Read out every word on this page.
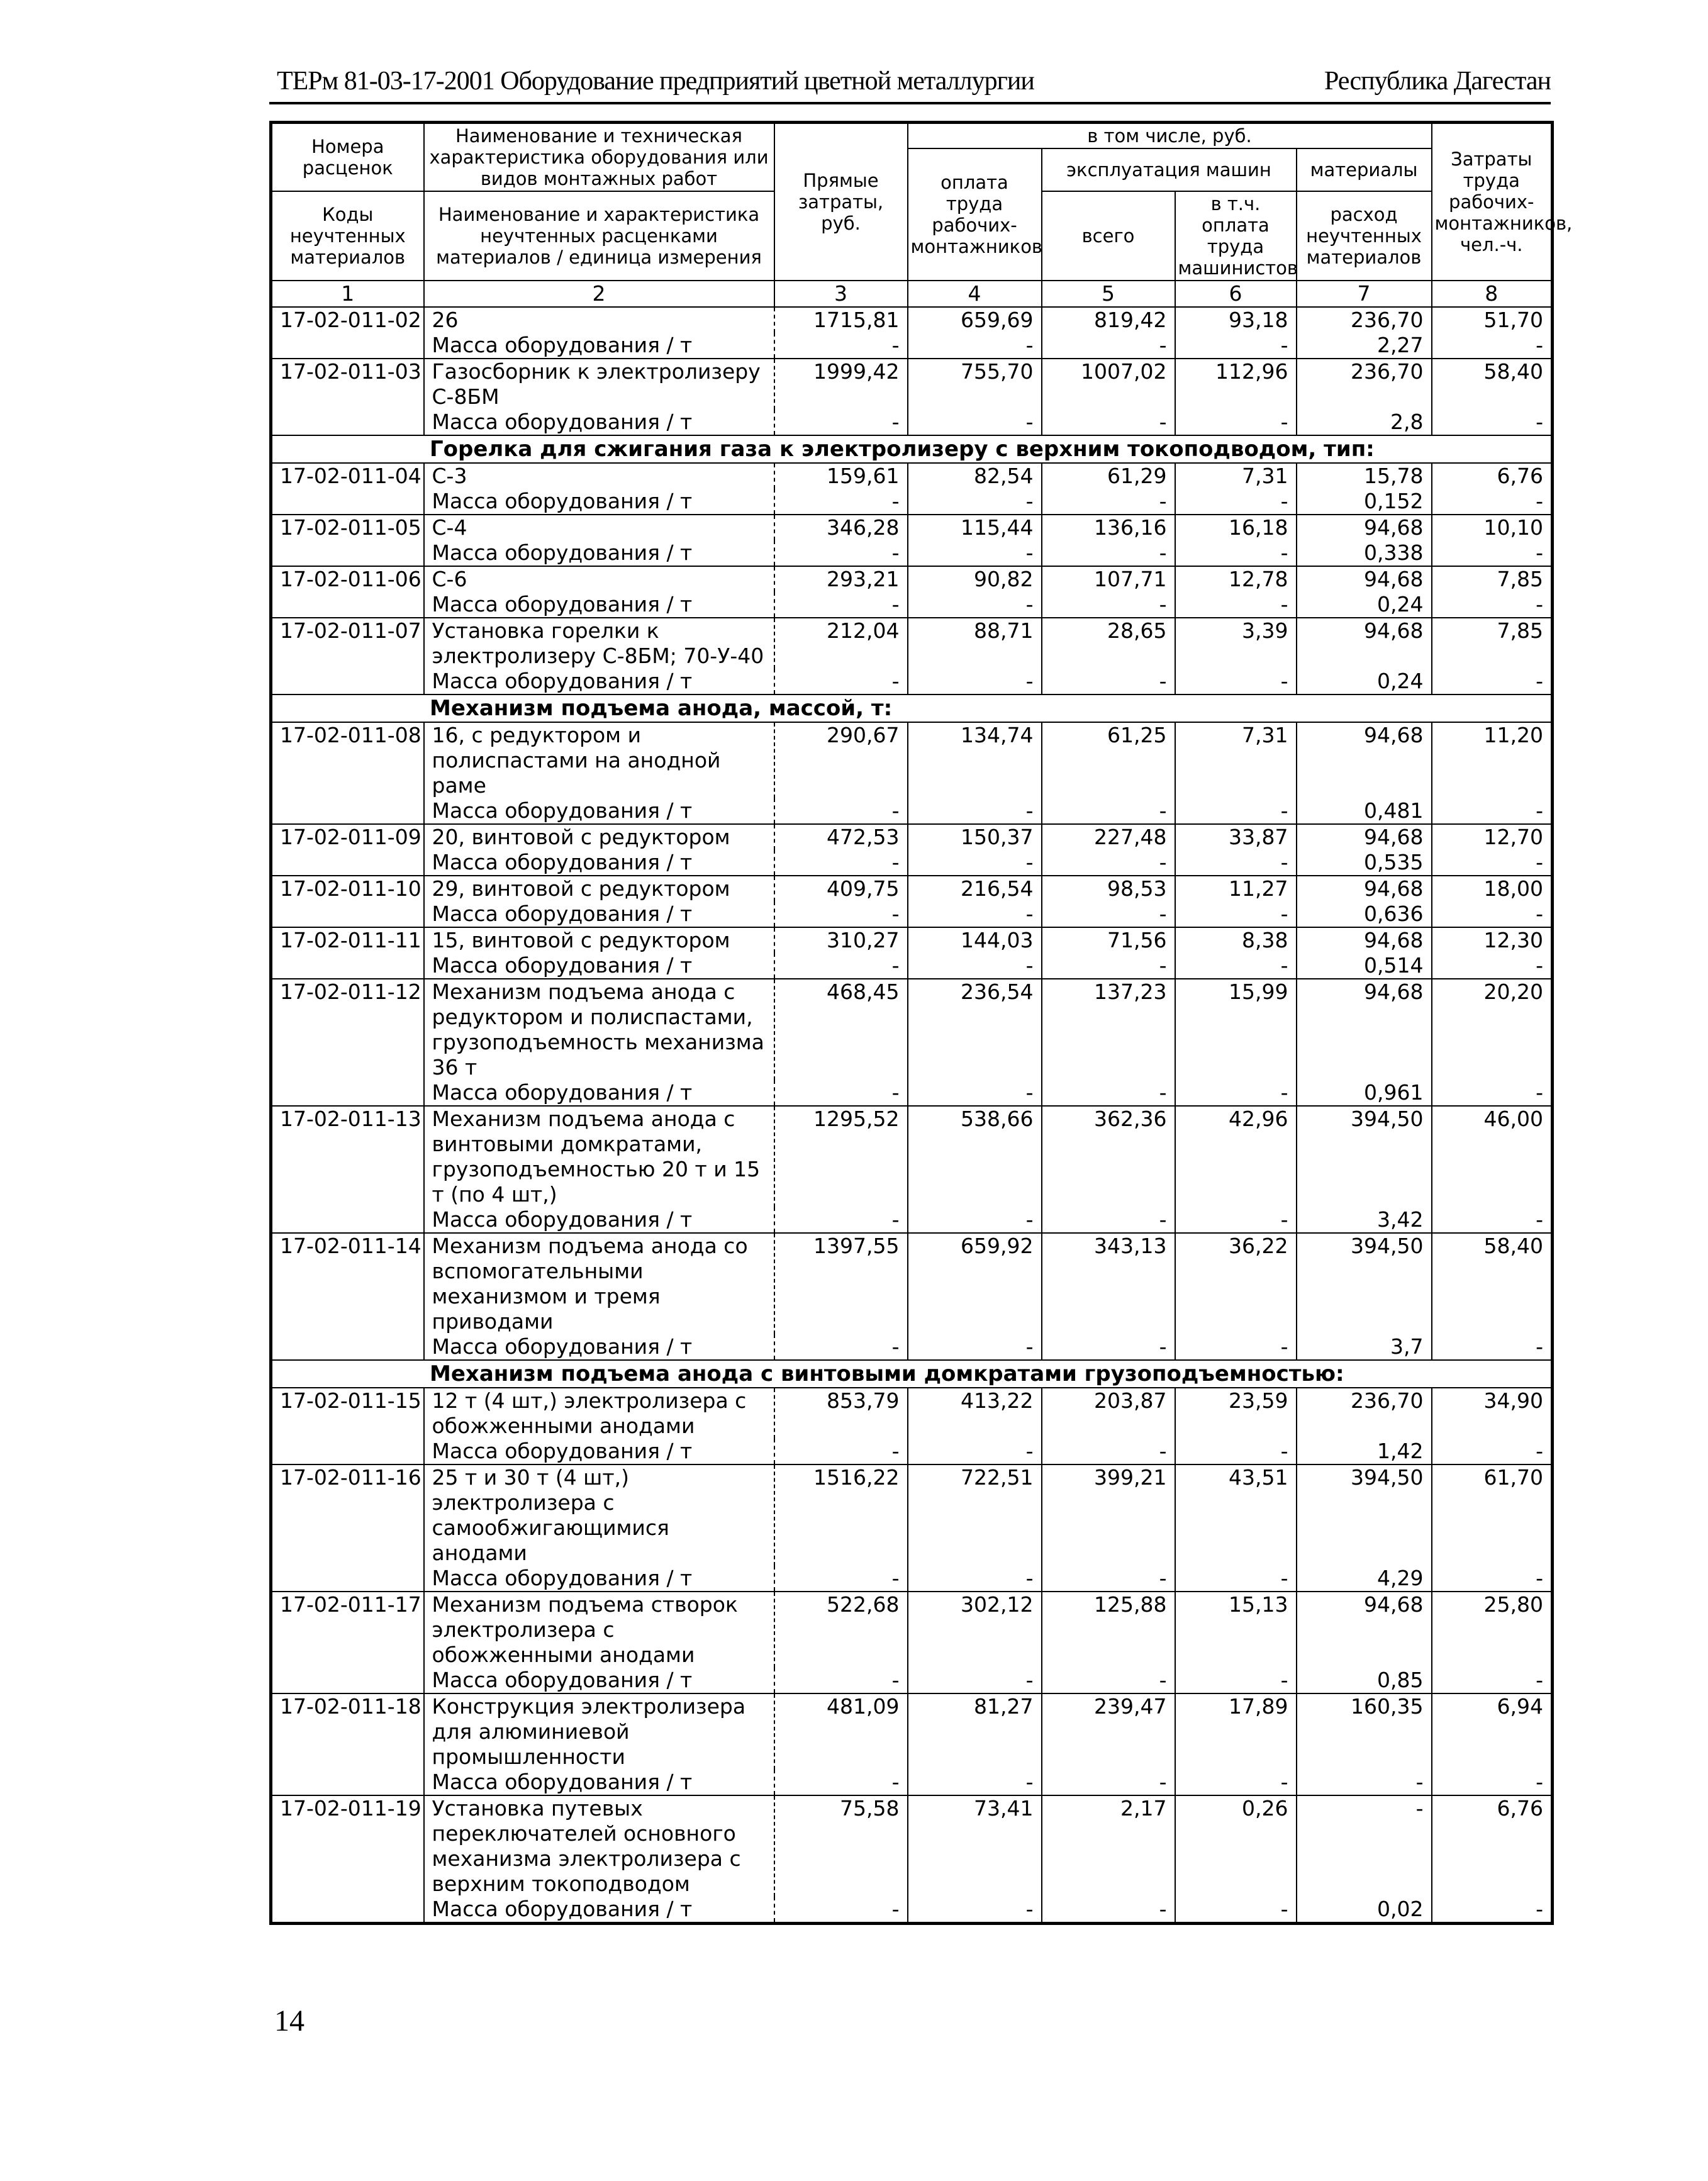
ТЕРм 81-03-17-2001 Оборудование предприятий цветной металлургии	Республика Дагестан
Номера расценок	Наименование и техническая характеристика оборудования или видов монтажных работ	Прямые затраты, руб.	в том числе, руб.				Затраты труда рабочих-монтажников, чел.-ч.
			оплата труда рабочих-монтажников	эксплуатация машин		материалы	
Коды неучтенных материалов	Наименование и характеристика неучтенных расценками материалов / единица измерения			всего	в т.ч. оплата труда машинистов	расход неучтенных материалов	

1	2	3	4	5	6	7	8
17-02-011-02	26	1715,81	659,69	819,42	93,18	236,70	51,70
	Масса оборудования / т	-	-	-	-	2,27	-
17-02-011-03	Газосборник к электролизеру С-8БМ	1999,42	755,70	1007,02	112,96	236,70	58,40
	Масса оборудования / т	-	-	-	-	2,8	-
Горелка для сжигания газа к электролизеру с верхним токоподводом, тип:							
17-02-011-04	С-3	159,61	82,54	61,29	7,31	15,78	6,76
	Масса оборудования / т	-	-	-	-	0,152	-
17-02-011-05	С-4	346,28	115,44	136,16	16,18	94,68	10,10
	Масса оборудования / т	-	-	-	-	0,338	-
17-02-011-06	С-6	293,21	90,82	107,71	12,78	94,68	7,85
	Масса оборудования / т	-	-	-	-	0,24	-
17-02-011-07	Установка горелки к электролизеру С-8БМ; 70-У-40	212,04	88,71	28,65	3,39	94,68	7,85
	Масса оборудования / т	-	-	-	-	0,24	-
Механизм подъема анода, массой, т:							
17-02-011-08	16, с редуктором и полиспастами на анодной раме	290,67	134,74	61,25	7,31	94,68	11,20
	Масса оборудования / т	-	-	-	-	0,481	-
17-02-011-09	20, винтовой с редуктором	472,53	150,37	227,48	33,87	94,68	12,70
	Масса оборудования / т	-	-	-	-	0,535	-
17-02-011-10	29, винтовой с редуктором	409,75	216,54	98,53	11,27	94,68	18,00
	Масса оборудования / т	-	-	-	-	0,636	-
17-02-011-11	15, винтовой с редуктором	310,27	144,03	71,56	8,38	94,68	12,30
	Масса оборудования / т	-	-	-	-	0,514	-
17-02-011-12	Механизм подъема анода с редуктором и полиспастами, грузоподъемность механизма 36 т	468,45	236,54	137,23	15,99	94,68	20,20
	Масса оборудования / т	-	-	-	-	0,961	-
17-02-011-13	Механизм подъема анода с винтовыми домкратами, грузоподъемностью 20 т и 15 т (по 4 шт,)	1295,52	538,66	362,36	42,96	394,50	46,00
	Масса оборудования / т	-	-	-	-	3,42	-
17-02-011-14	Механизм подъема анода со вспомогательными механизмом и тремя приводами	1397,55	659,92	343,13	36,22	394,50	58,40
	Масса оборудования / т	-	-	-	-	3,7	-
Механизм подъема анода с винтовыми домкратами грузоподъемностью:							
17-02-011-15	12 т (4 шт,) электролизера с обожженными анодами	853,79	413,22	203,87	23,59	236,70	34,90
	Масса оборудования / т	-	-	-	-	1,42	-
17-02-011-16	25 т и 30 т (4 шт,) электролизера с самообжигающимися анодами	1516,22	722,51	399,21	43,51	394,50	61,70
	Масса оборудования / т	-	-	-	-	4,29	-
17-02-011-17	Механизм подъема створок электролизера с обожженными анодами	522,68	302,12	125,88	15,13	94,68	25,80
	Масса оборудования / т	-	-	-	-	0,85	-
17-02-011-18	Конструкция электролизера для алюминиевой промышленности	481,09	81,27	239,47	17,89	160,35	6,94
	Масса оборудования / т	-	-	-	-	-	-
17-02-011-19	Установка путевых переключателей основного механизма электролизера с верхним токоподводом	75,58	73,41	2,17	0,26	-	6,76
	Масса оборудования / т	-	-	-	-	0,02	-
14
